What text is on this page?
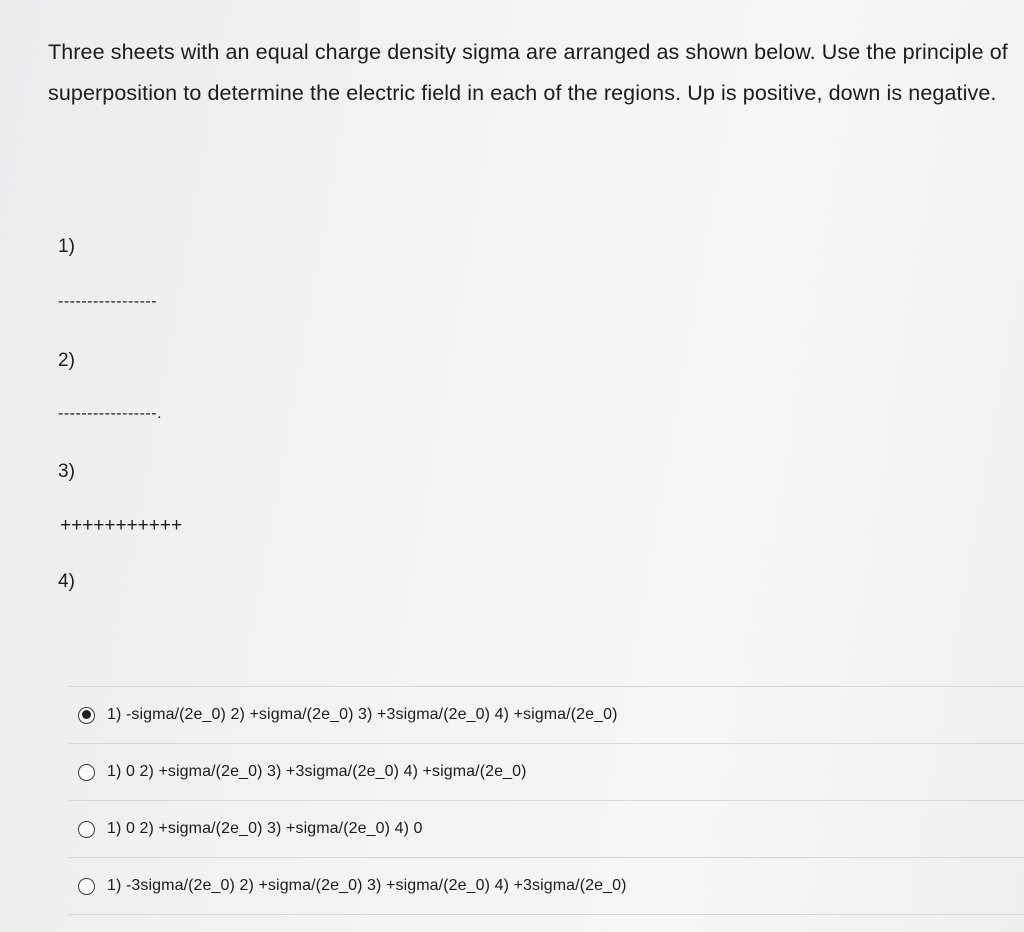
Three sheets with an equal charge density sigma are arranged as shown below. Use the principle of superposition to determine the electric field in each of the regions. Up is positive, down is negative.
1)
-----------------
2)
-----------------.
3)
+++++++++++
4)
1) -sigma/(2e_0) 2) +sigma/(2e_0) 3) +3sigma/(2e_0) 4) +sigma/(2e_0)
1) 0 2) +sigma/(2e_0) 3) +3sigma/(2e_0) 4) +sigma/(2e_0)
1) 0 2) +sigma/(2e_0) 3) +sigma/(2e_0) 4) 0
1) -3sigma/(2e_0) 2) +sigma/(2e_0) 3) +sigma/(2e_0) 4) +3sigma/(2e_0)
